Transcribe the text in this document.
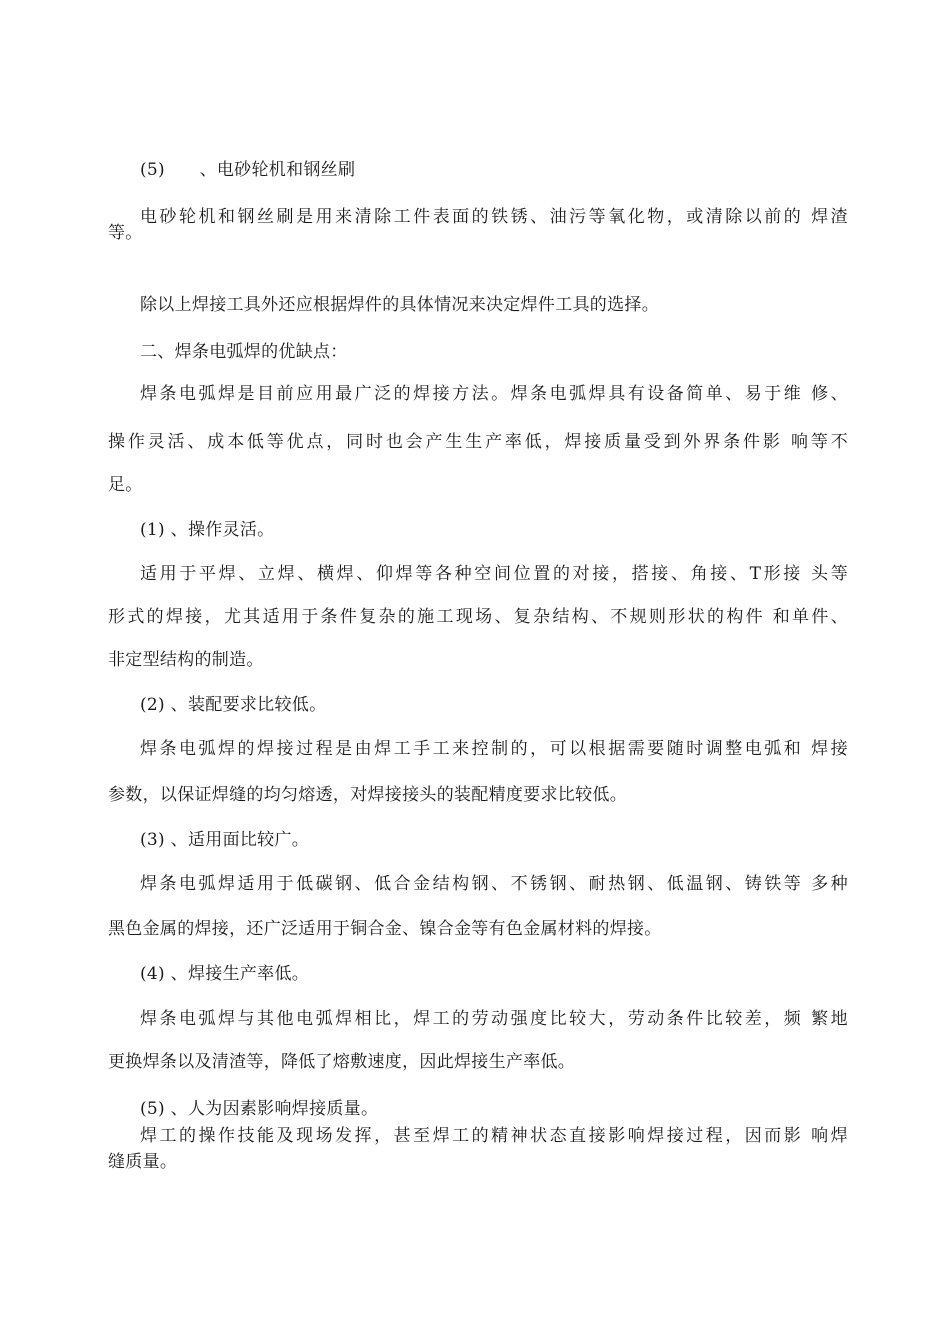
(5)　　、电砂轮机和钢丝刷
电砂轮机和钢丝刷是用来清除工件表面的铁锈、油污等氧化物，或清除以前的 焊渣
等。
除以上焊接工具外还应根据焊件的具体情况来决定焊件工具的选择。
二、焊条电弧焊的优缺点：
焊条电弧焊是目前应用最广泛的焊接方法。焊条电弧焊具有设备简单、易于维 修、
操作灵活、成本低等优点，同时也会产生生产率低，焊接质量受到外界条件影 响等不
足。
(1) 、操作灵活。
适用于平焊、立焊、横焊、仰焊等各种空间位置的对接，搭接、角接、T形接 头等
形式的焊接，尤其适用于条件复杂的施工现场、复杂结构、不规则形状的构件 和单件、
非定型结构的制造。
(2) 、装配要求比较低。
焊条电弧焊的焊接过程是由焊工手工来控制的，可以根据需要随时调整电弧和 焊接
参数，以保证焊缝的均匀熔透，对焊接接头的装配精度要求比较低。
(3) 、适用面比较广。
焊条电弧焊适用于低碳钢、低合金结构钢、不锈钢、耐热钢、低温钢、铸铁等 多种
黑色金属的焊接，还广泛适用于铜合金、镍合金等有色金属材料的焊接。
(4) 、焊接生产率低。
焊条电弧焊与其他电弧焊相比，焊工的劳动强度比较大，劳动条件比较差，频 繁地
更换焊条以及清渣等，降低了熔敷速度，因此焊接生产率低。
(5) 、人为因素影响焊接质量。
焊工的操作技能及现场发挥，甚至焊工的精神状态直接影响焊接过程，因而影 响焊
缝质量。
